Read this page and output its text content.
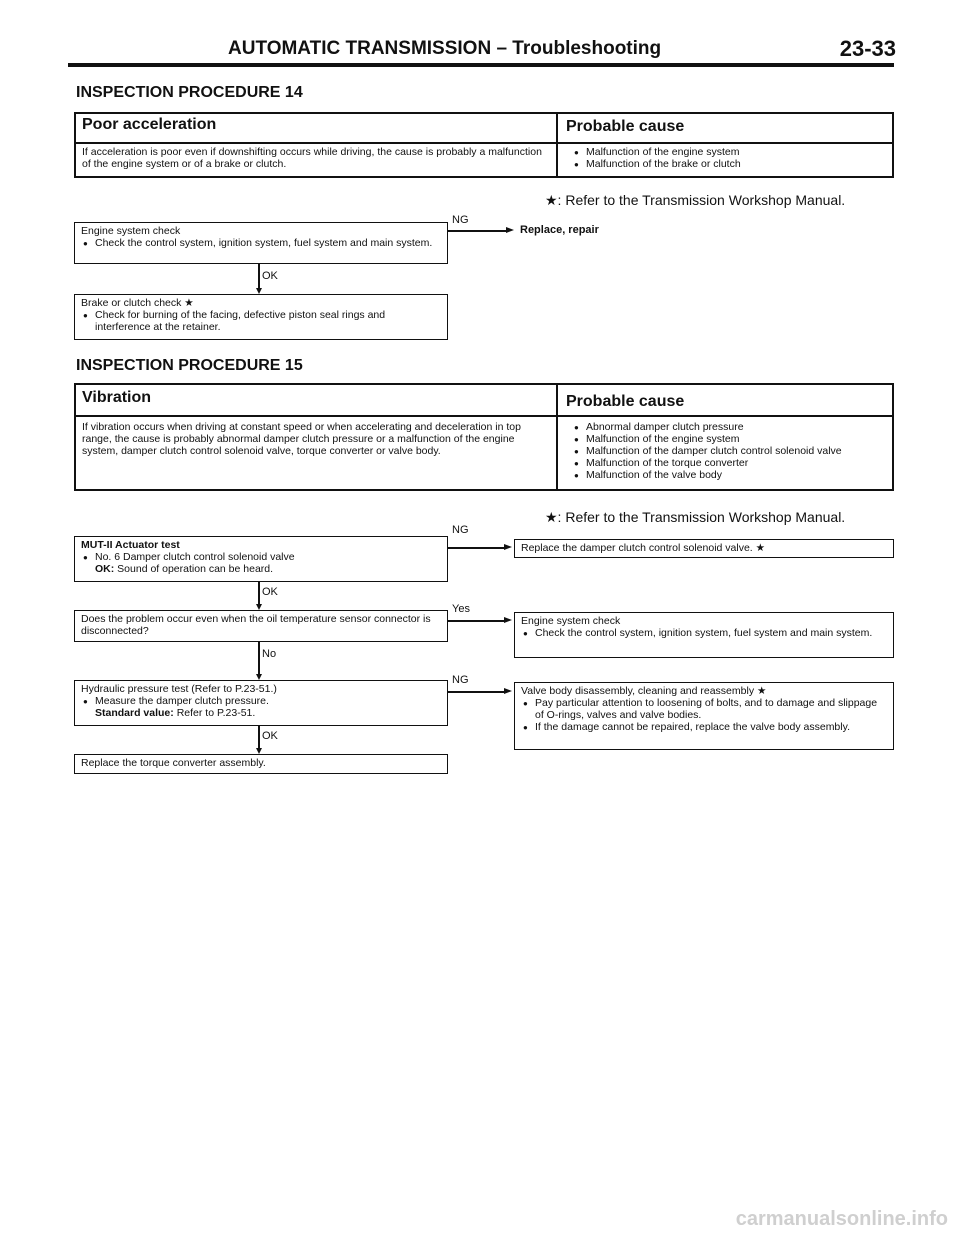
AUTOMATIC TRANSMISSION – Troubleshooting	23-33
INSPECTION PROCEDURE 14
Poor acceleration	Probable cause
If acceleration is poor even if downshifting occurs while driving, the cause is probably a malfunction of the engine system or of a brake or clutch.
● Malfunction of the engine system
● Malfunction of the brake or clutch
★: Refer to the Transmission Workshop Manual.
Engine system check
● Check the control system, ignition system, fuel system and main system.
NG
Replace, repair
OK
Brake or clutch check ★
● Check for burning of the facing, defective piston seal rings and interference at the retainer.
INSPECTION PROCEDURE 15
Vibration	Probable cause
If vibration occurs when driving at constant speed or when accelerating and deceleration in top range, the cause is probably abnormal damper clutch pressure or a malfunction of the engine system, damper clutch control solenoid valve, torque converter or valve body.
● Abnormal damper clutch pressure
● Malfunction of the engine system
● Malfunction of the damper clutch control solenoid valve
● Malfunction of the torque converter
● Malfunction of the valve body
★: Refer to the Transmission Workshop Manual.
MUT-II Actuator test
● No. 6 Damper clutch control solenoid valve
OK: Sound of operation can be heard.
NG
Replace the damper clutch control solenoid valve. ★
OK
Does the problem occur even when the oil temperature sensor connector is disconnected?
Yes
Engine system check
● Check the control system, ignition system, fuel system and main system.
No
Hydraulic pressure test (Refer to P.23-51.)
● Measure the damper clutch pressure.
Standard value: Refer to P.23-51.
NG
Valve body disassembly, cleaning and reassembly ★
● Pay particular attention to loosening of bolts, and to damage and slippage of O-rings, valves and valve bodies.
● If the damage cannot be repaired, replace the valve body assembly.
OK
Replace the torque converter assembly.
carmanualsonline.info
